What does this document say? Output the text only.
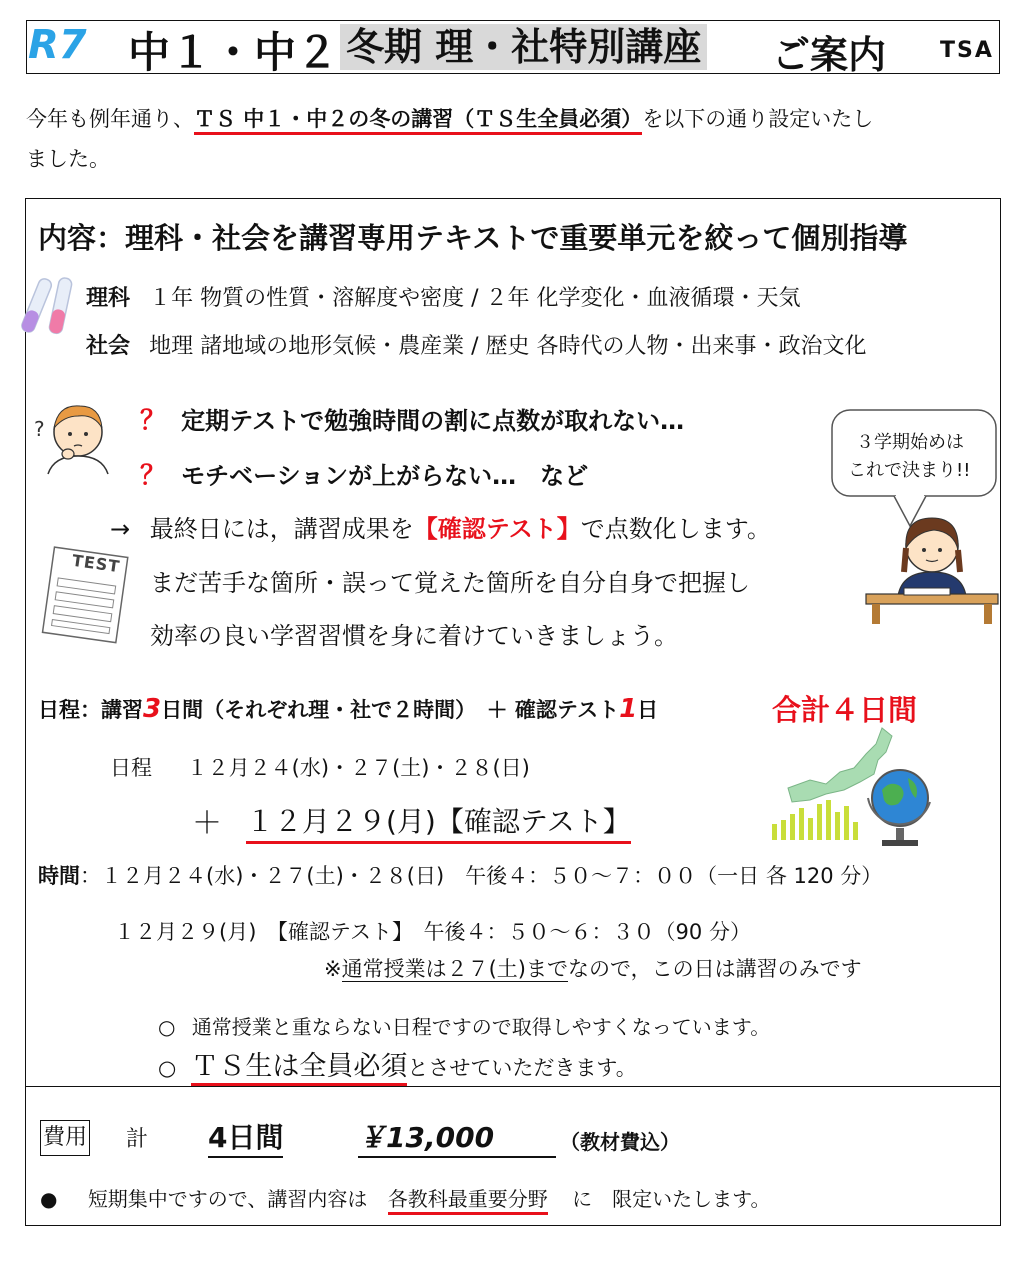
R7 中１・中２ 冬期 理・社特別講座 ご案内 TSA
今年も例年通り、ＴＳ 中１・中２の冬の講習（ＴＳ生全員必須）を以下の通り設定いたし
ました。
内容：理科・社会を講習専用テキストで重要単元を絞って個別指導
理科 １年 物質の性質・溶解度や密度 / ２年 化学変化・血液循環・天気
社会 地理 諸地域の地形気候・農産業 / 歴史 各時代の人物・出来事・政治文化
?	？ 定期テストで勉強時間の割に点数が取れない…
？ モチベーションが上がらない…　など
３学期始めは
これで決まり!!
TEST
→ 最終日には，講習成果を【確認テスト】で点数化します。
まだ苦手な箇所・誤って覚えた箇所を自分自身で把握し
効率の良い学習習慣を身に着けていきましょう。
日程：講習3日間（それぞれ理・社で２時間）　＋ 確認テスト1日	合計４日間
日程 １２月２４(水)・２７(土)・２８(日)
＋ １２月２９(月)【確認テスト】
時間：１２月２４(水)・２７(土)・２８(日)　午後４：５０～７：００（一日 各 120 分）
１２月２９(月)　【確認テスト】　午後４：５０～６：３０（90 分）
※通常授業は２７(土)までなので，この日は講習のみです
○ 通常授業と重ならない日程ですので取得しやすくなっています。
○ ＴＳ生は全員必須とさせていただきます。
費用 計 4日間	￥13,000	（教材費込）
● 短期集中ですので、講習内容は 各教科最重要分野 に　限定いたします。
